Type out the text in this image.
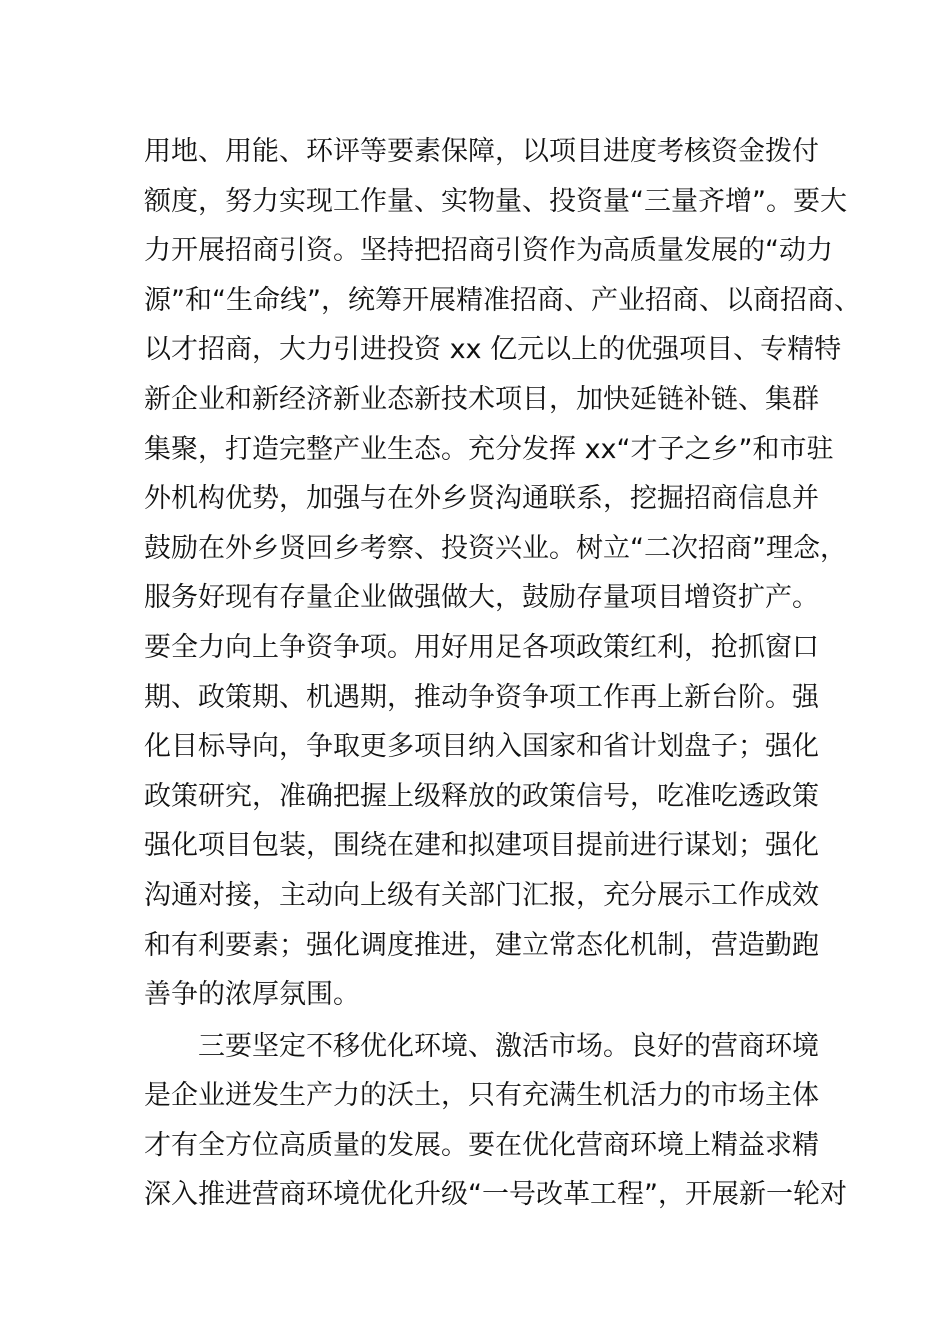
用地、用能、环评等要素保障，以项目进度考核资金拨付
额度，努力实现工作量、实物量、投资量“三量齐增”。要大
力开展招商引资。坚持把招商引资作为高质量发展的“动力
源”和“生命线”，统筹开展精准招商、产业招商、以商招商、
以才招商，大力引进投资 xx 亿元以上的优强项目、专精特
新企业和新经济新业态新技术项目，加快延链补链、集群
集聚，打造完整产业生态。充分发挥 xx“才子之乡”和市驻
外机构优势，加强与在外乡贤沟通联系，挖掘招商信息并
鼓励在外乡贤回乡考察、投资兴业。树立“二次招商”理念，
服务好现有存量企业做强做大，鼓励存量项目增资扩产。
要全力向上争资争项。用好用足各项政策红利，抢抓窗口
期、政策期、机遇期，推动争资争项工作再上新台阶。强
化目标导向，争取更多项目纳入国家和省计划盘子；强化
政策研究，准确把握上级释放的政策信号，吃准吃透政策
强化项目包装，围绕在建和拟建项目提前进行谋划；强化
沟通对接，主动向上级有关部门汇报，充分展示工作成效
和有利要素；强化调度推进，建立常态化机制，营造勤跑
善争的浓厚氛围。
三要坚定不移优化环境、激活市场。良好的营商环境
是企业迸发生产力的沃土，只有充满生机活力的市场主体
才有全方位高质量的发展。要在优化营商环境上精益求精
深入推进营商环境优化升级“一号改革工程”，开展新一轮对
